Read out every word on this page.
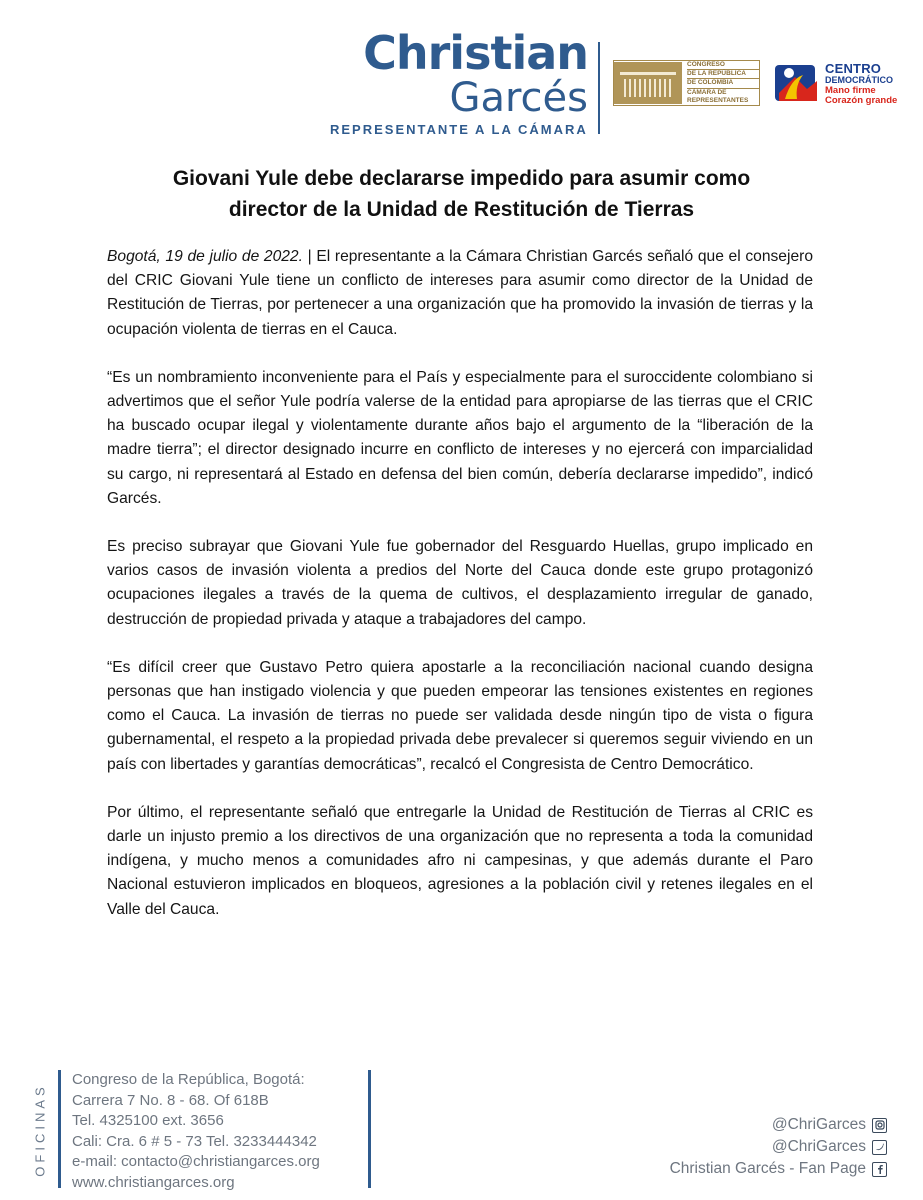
Christian
Garcés
REPRESENTANTE A LA CÁMARA
CONGRESO
DE LA REPÚBLICA
DE COLOMBIA
CÁMARA DE REPRESENTANTES
CENTRO
DEMOCRÁTICO
Mano firme
Corazón grande
Giovani Yule debe declararse impedido para asumir como
director de la Unidad de Restitución de Tierras

Bogotá, 19 de julio de 2022. | El representante a la Cámara Christian Garcés señaló que el consejero del CRIC Giovani Yule tiene un conflicto de intereses para asumir como director de la Unidad de Restitución de Tierras, por pertenecer a una organización que ha promovido la invasión de tierras y la ocupación violenta de tierras en el Cauca.

“Es un nombramiento inconveniente para el País y especialmente para el suroccidente colombiano si advertimos que el señor Yule podría valerse de la entidad para apropiarse de las tierras que el CRIC ha buscado ocupar ilegal y violentamente durante años bajo el argumento de la “liberación de la madre tierra”; el director designado incurre en conflicto de intereses y no ejercerá con imparcialidad su cargo, ni representará al Estado en defensa del bien común, debería declararse impedido”, indicó Garcés.

Es preciso subrayar que Giovani Yule fue gobernador del Resguardo Huellas, grupo implicado en varios casos de invasión violenta a predios del Norte del Cauca donde este grupo protagonizó ocupaciones ilegales a través de la quema de cultivos, el desplazamiento irregular de ganado, destrucción de propiedad privada y ataque a trabajadores del campo.

“Es difícil creer que Gustavo Petro quiera apostarle a la reconciliación nacional cuando designa personas que han instigado violencia y que pueden empeorar las tensiones existentes en regiones como el Cauca. La invasión de tierras no puede ser validada desde ningún tipo de vista o figura gubernamental, el respeto a la propiedad privada debe prevalecer si queremos seguir viviendo en un país con libertades y garantías democráticas”, recalcó el Congresista de Centro Democrático.

Por último, el representante señaló que entregarle la Unidad de Restitución de Tierras al CRIC es darle un injusto premio a los directivos de una organización que no representa a toda la comunidad indígena, y mucho menos a comunidades afro ni campesinas, y que además durante el Paro Nacional estuvieron implicados en bloqueos, agresiones a la población civil y retenes ilegales en el Valle del Cauca.

OFICINAS
Congreso de la República, Bogotá:
Carrera 7 No. 8 - 68. Of 618B
Tel. 4325100 ext. 3656
Cali: Cra. 6 # 5 - 73 Tel. 3233444342
e-mail: contacto@christiangarces.org
www.christiangarces.org
@ChriGarces
@ChriGarces
Christian Garcés - Fan Page
